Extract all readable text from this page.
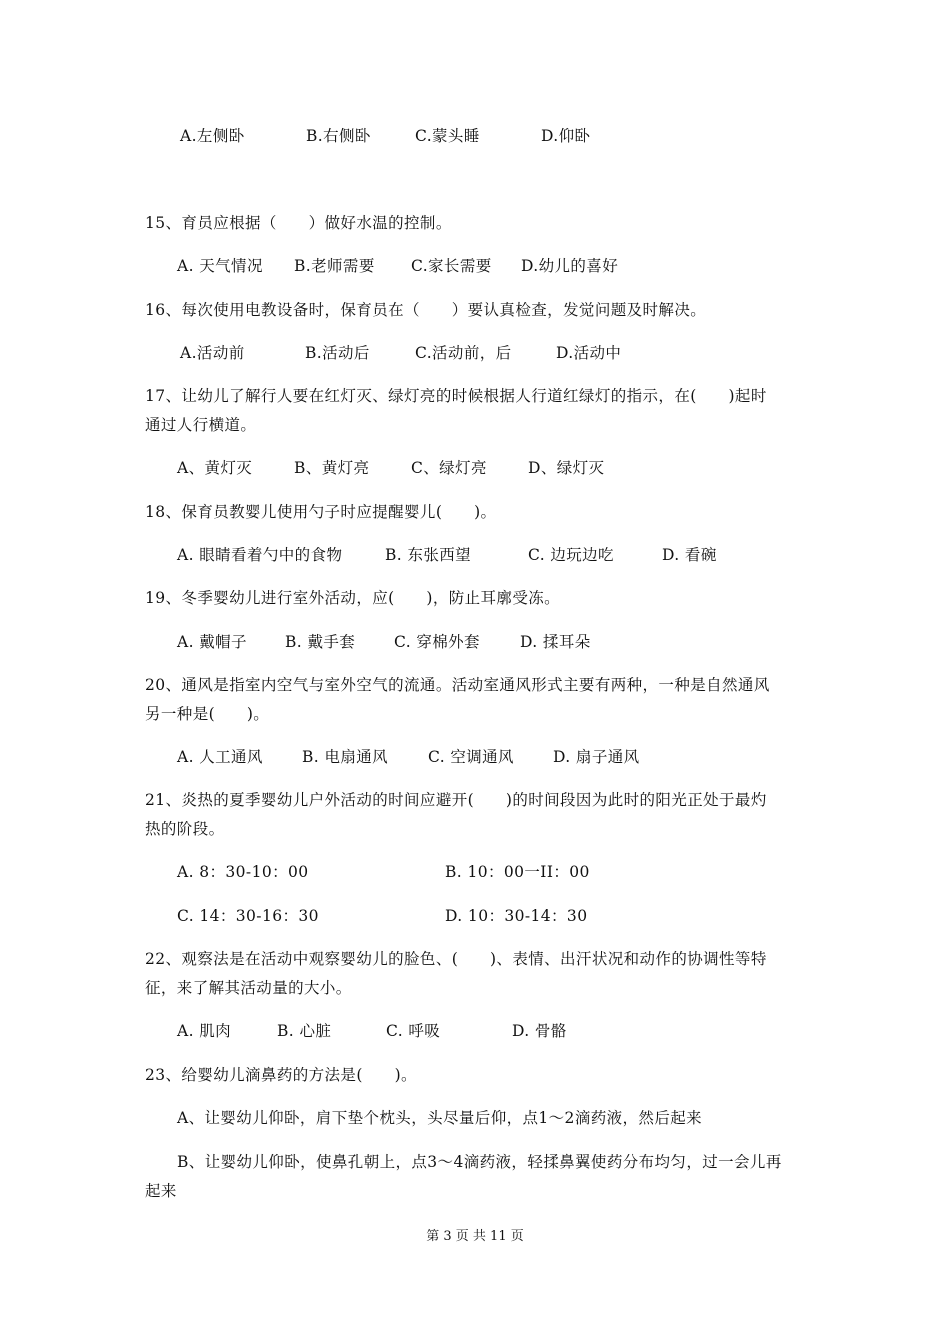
A.左侧卧	B.右侧卧	C.蒙头睡	D.仰卧
15、育员应根据（　　）做好水温的控制。
A. 天气情况 B.老师需要 C.家长需要 D.幼儿的喜好
16、每次使用电教设备时，保育员在（　　）要认真检查，发觉问题及时解决。
A.活动前	B.活动后	C.活动前，后	D.活动中
17、让幼儿了解行人要在红灯灭、绿灯亮的时候根据人行道红绿灯的指示，在(　　)起时
通过人行横道。
A、黄灯灭	B、黄灯亮	C、绿灯亮	D、绿灯灭
18、保育员教婴儿使用勺子时应提醒婴儿(　　)。
A. 眼睛看着勺中的食物	B. 东张西望	C. 边玩边吃	D. 看碗
19、冬季婴幼儿进行室外活动，应(　　)，防止耳廓受冻。
A. 戴帽子 B. 戴手套	C. 穿棉外套	D. 揉耳朵
20、通风是指室内空气与室外空气的流通。活动室通风形式主要有两种，一种是自然通风
另一种是(　　)。
A. 人工通风	B. 电扇通风	C. 空调通风	D. 扇子通风
21、炎热的夏季婴幼儿户外活动的时间应避开(　　)的时间段因为此时的阳光正处于最灼
热的阶段。
A. 8：30-10：00	B. 10：00一II：00
C. 14：30-16：30	D. 10：30-14：30
22、观察法是在活动中观察婴幼儿的脸色、(　　)、表情、出汗状况和动作的协调性等特
征，来了解其活动量的大小。
A. 肌肉	B. 心脏	C. 呼吸	D. 骨骼
23、给婴幼儿滴鼻药的方法是(　　)。
A、让婴幼儿仰卧，肩下垫个枕头，头尽量后仰，点1～2滴药液，然后起来
B、让婴幼儿仰卧，使鼻孔朝上，点3～4滴药液，轻揉鼻翼使药分布均匀，过一会儿再
起来
第 3 页 共 11 页
